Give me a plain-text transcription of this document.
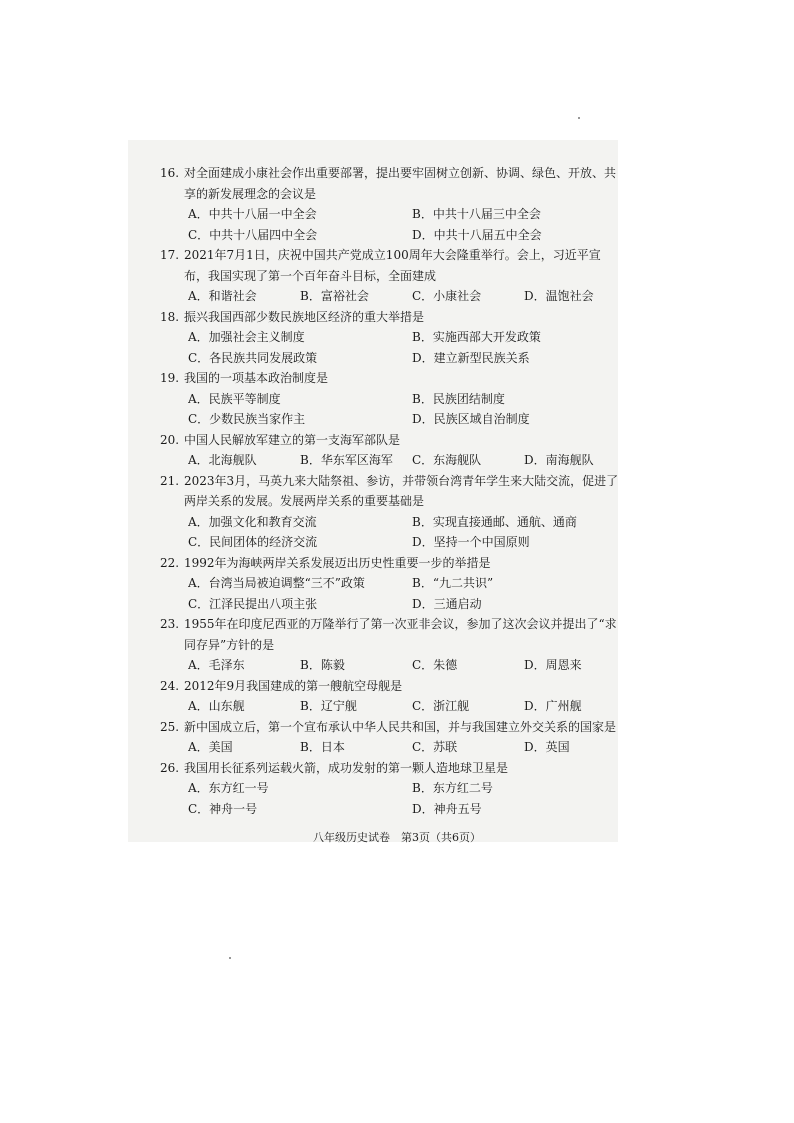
16. 对全面建成小康社会作出重要部署，提出要牢固树立创新、协调、绿色、开放、共享的新发展理念的会议是
A．中共十八届一中全会	B．中共十八届三中全会
C．中共十八届四中全会	D．中共十八届五中全会
17. 2021年7月1日，庆祝中国共产党成立100周年大会隆重举行。会上，习近平宣布，我国实现了第一个百年奋斗目标，全面建成
A．和谐社会	B．富裕社会	C．小康社会	D．温饱社会
18. 振兴我国西部少数民族地区经济的重大举措是
A．加强社会主义制度	B．实施西部大开发政策
C．各民族共同发展政策	D．建立新型民族关系
19. 我国的一项基本政治制度是
A．民族平等制度	B．民族团结制度
C．少数民族当家作主	D．民族区域自治制度
20. 中国人民解放军建立的第一支海军部队是
A．北海舰队	B．华东军区海军	C．东海舰队	D．南海舰队
21. 2023年3月，马英九来大陆祭祖、参访，并带领台湾青年学生来大陆交流，促进了两岸关系的发展。发展两岸关系的重要基础是
A．加强文化和教育交流	B．实现直接通邮、通航、通商
C．民间团体的经济交流	D．坚持一个中国原则
22. 1992年为海峡两岸关系发展迈出历史性重要一步的举措是
A．台湾当局被迫调整“三不”政策	B．“九二共识”
C．江泽民提出八项主张	D．三通启动
23. 1955年在印度尼西亚的万隆举行了第一次亚非会议，参加了这次会议并提出了“求同存异”方针的是
A．毛泽东	B．陈毅	C．朱德	D．周恩来
24. 2012年9月我国建成的第一艘航空母舰是
A．山东舰	B．辽宁舰	C．浙江舰	D．广州舰
25. 新中国成立后，第一个宣布承认中华人民共和国，并与我国建立外交关系的国家是
A．美国	B．日本	C．苏联	D．英国
26. 我国用长征系列运载火箭，成功发射的第一颗人造地球卫星是
A．东方红一号	B．东方红二号
C．神舟一号	D．神舟五号
八年级历史试卷　第3页（共6页）
